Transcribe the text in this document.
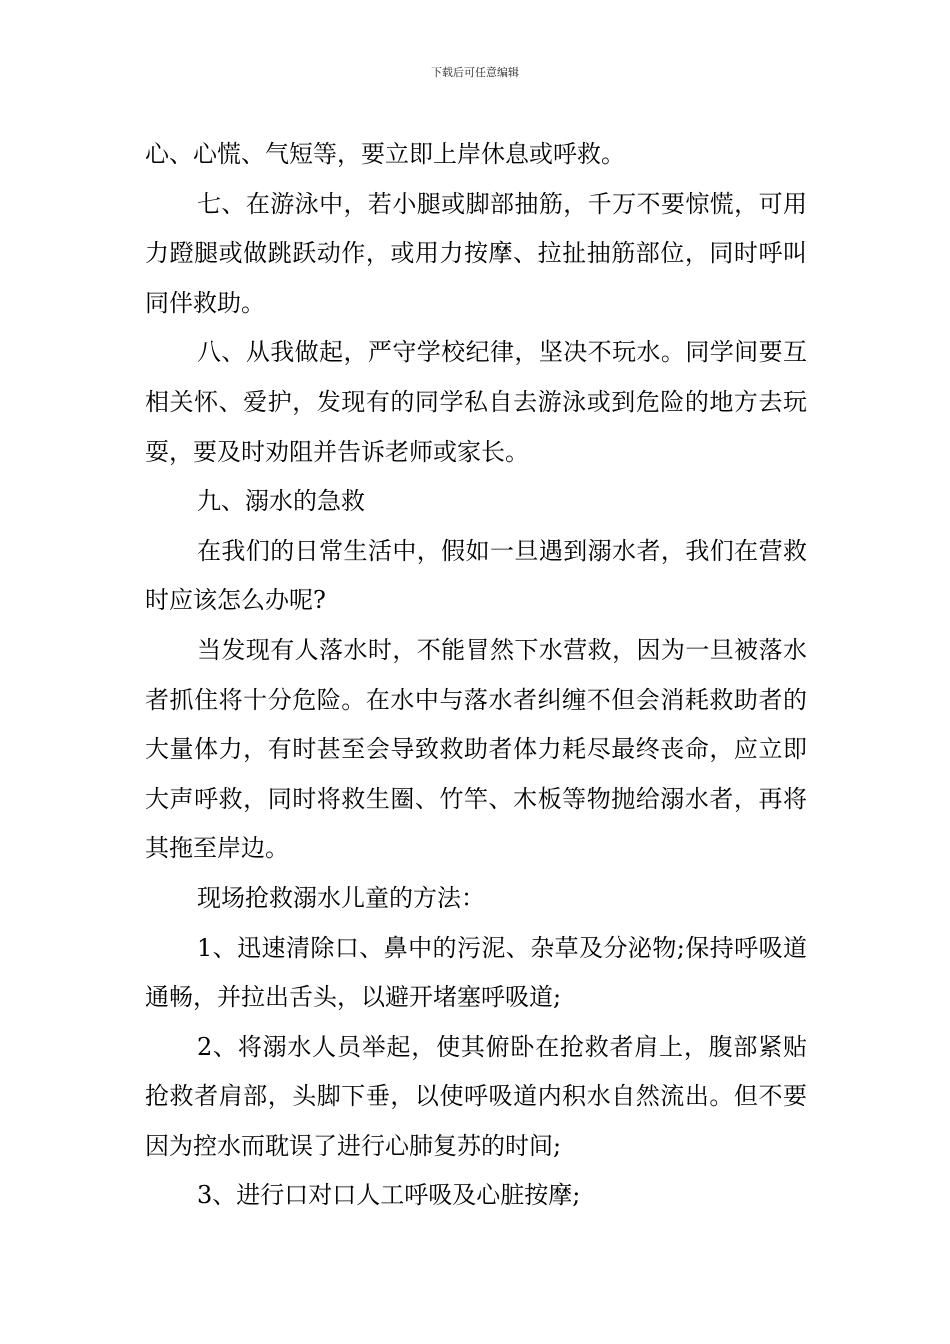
下载后可任意编辑

心、心慌、气短等，要立即上岸休息或呼救。

七、在游泳中，若小腿或脚部抽筋，千万不要惊慌，可用力蹬腿或做跳跃动作，或用力按摩、拉扯抽筋部位，同时呼叫同伴救助。

八、从我做起，严守学校纪律，坚决不玩水。同学间要互相关怀、爱护，发现有的同学私自去游泳或到危险的地方去玩耍，要及时劝阻并告诉老师或家长。

九、溺水的急救

在我们的日常生活中，假如一旦遇到溺水者，我们在营救时应该怎么办呢?

当发现有人落水时，不能冒然下水营救，因为一旦被落水者抓住将十分危险。在水中与落水者纠缠不但会消耗救助者的大量体力，有时甚至会导致救助者体力耗尽最终丧命，应立即大声呼救，同时将救生圈、竹竿、木板等物抛给溺水者，再将其拖至岸边。

现场抢救溺水儿童的方法：

1、迅速清除口、鼻中的污泥、杂草及分泌物;保持呼吸道通畅，并拉出舌头，以避开堵塞呼吸道;

2、将溺水人员举起，使其俯卧在抢救者肩上，腹部紧贴抢救者肩部，头脚下垂，以使呼吸道内积水自然流出。但不要因为控水而耽误了进行心肺复苏的时间;

3、进行口对口人工呼吸及心脏按摩;
